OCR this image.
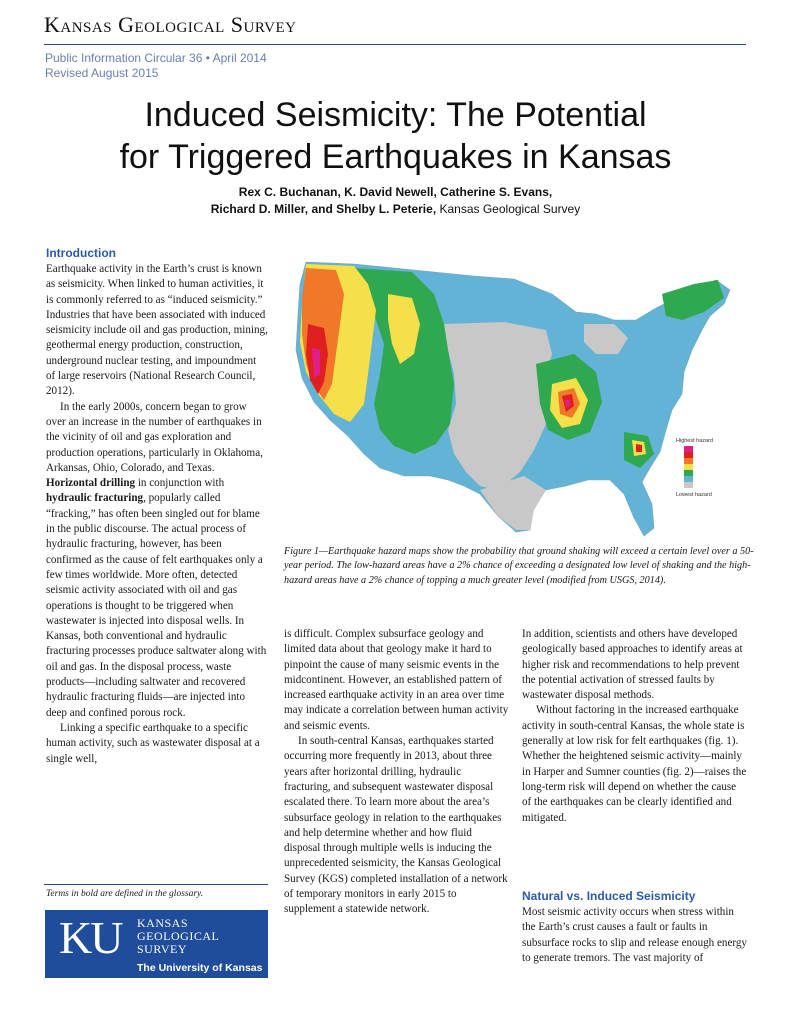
Kansas Geological Survey
Public Information Circular 36 • April 2014
Revised August 2015
Induced Seismicity: The Potential
for Triggered Earthquakes in Kansas
Rex C. Buchanan, K. David Newell, Catherine S. Evans,
Richard D. Miller, and Shelby L. Peterie, Kansas Geological Survey
Introduction

Earthquake activity in the Earth’s crust is known as seismicity. When linked to human activities, it is commonly referred to as “induced seismicity.” Industries that have been associated with induced seismicity include oil and gas production, mining, geothermal energy production, construction, underground nuclear testing, and impoundment of large reservoirs (National Research Council, 2012).

In the early 2000s, concern began to grow over an increase in the number of earthquakes in the vicinity of oil and gas exploration and production operations, particularly in Oklahoma, Arkansas, Ohio, Colorado, and Texas. Horizontal drilling in conjunction with hydraulic fracturing, popularly called “fracking,” has often been singled out for blame in the public discourse. The actual process of hydraulic fracturing, however, has been confirmed as the cause of felt earthquakes only a few times worldwide. More often, detected seismic activity associated with oil and gas operations is thought to be triggered when wastewater is injected into disposal wells. In Kansas, both conventional and hydraulic fracturing processes produce saltwater along with oil and gas. In the disposal process, waste products—including saltwater and recovered hydraulic fracturing fluids—are injected into deep and confined porous rock.

Linking a specific earthquake to a specific human activity, such as wastewater disposal at a single well,

Highest hazard
Lowest hazard
Figure 1—Earthquake hazard maps show the probability that ground shaking will exceed a certain level over a 50-year period. The low-hazard areas have a 2% chance of exceeding a designated low level of shaking and the high-hazard areas have a 2% chance of topping a much greater level (modified from USGS, 2014).

is difficult. Complex subsurface geology and limited data about that geology make it hard to pinpoint the cause of many seismic events in the midcontinent. However, an established pattern of increased earthquake activity in an area over time may indicate a correlation between human activity and seismic events.

In south-central Kansas, earthquakes started occurring more frequently in 2013, about three years after horizontal drilling, hydraulic fracturing, and subsequent wastewater disposal escalated there. To learn more about the area’s subsurface geology in relation to the earthquakes and help determine whether and how fluid disposal through multiple wells is inducing the unprecedented seismicity, the Kansas Geological Survey (KGS) completed installation of a network of temporary monitors in early 2015 to supplement a statewide network.

In addition, scientists and others have developed geologically based approaches to identify areas at higher risk and recommendations to help prevent the potential activation of stressed faults by wastewater disposal methods.

Without factoring in the increased earthquake activity in south-central Kansas, the whole state is generally at low risk for felt earthquakes (fig. 1). Whether the heightened seismic activity—mainly in Harper and Sumner counties (fig. 2)—raises the long-term risk will depend on whether the cause of the earthquakes can be clearly identified and mitigated.

Natural vs. Induced Seismicity

Most seismic activity occurs when stress within the Earth’s crust causes a fault or faults in subsurface rocks to slip and release enough energy to generate tremors. The vast majority of

Terms in bold are defined in the glossary.
KU KANSAS
GEOLOGICAL
SURVEY
The University of Kansas
